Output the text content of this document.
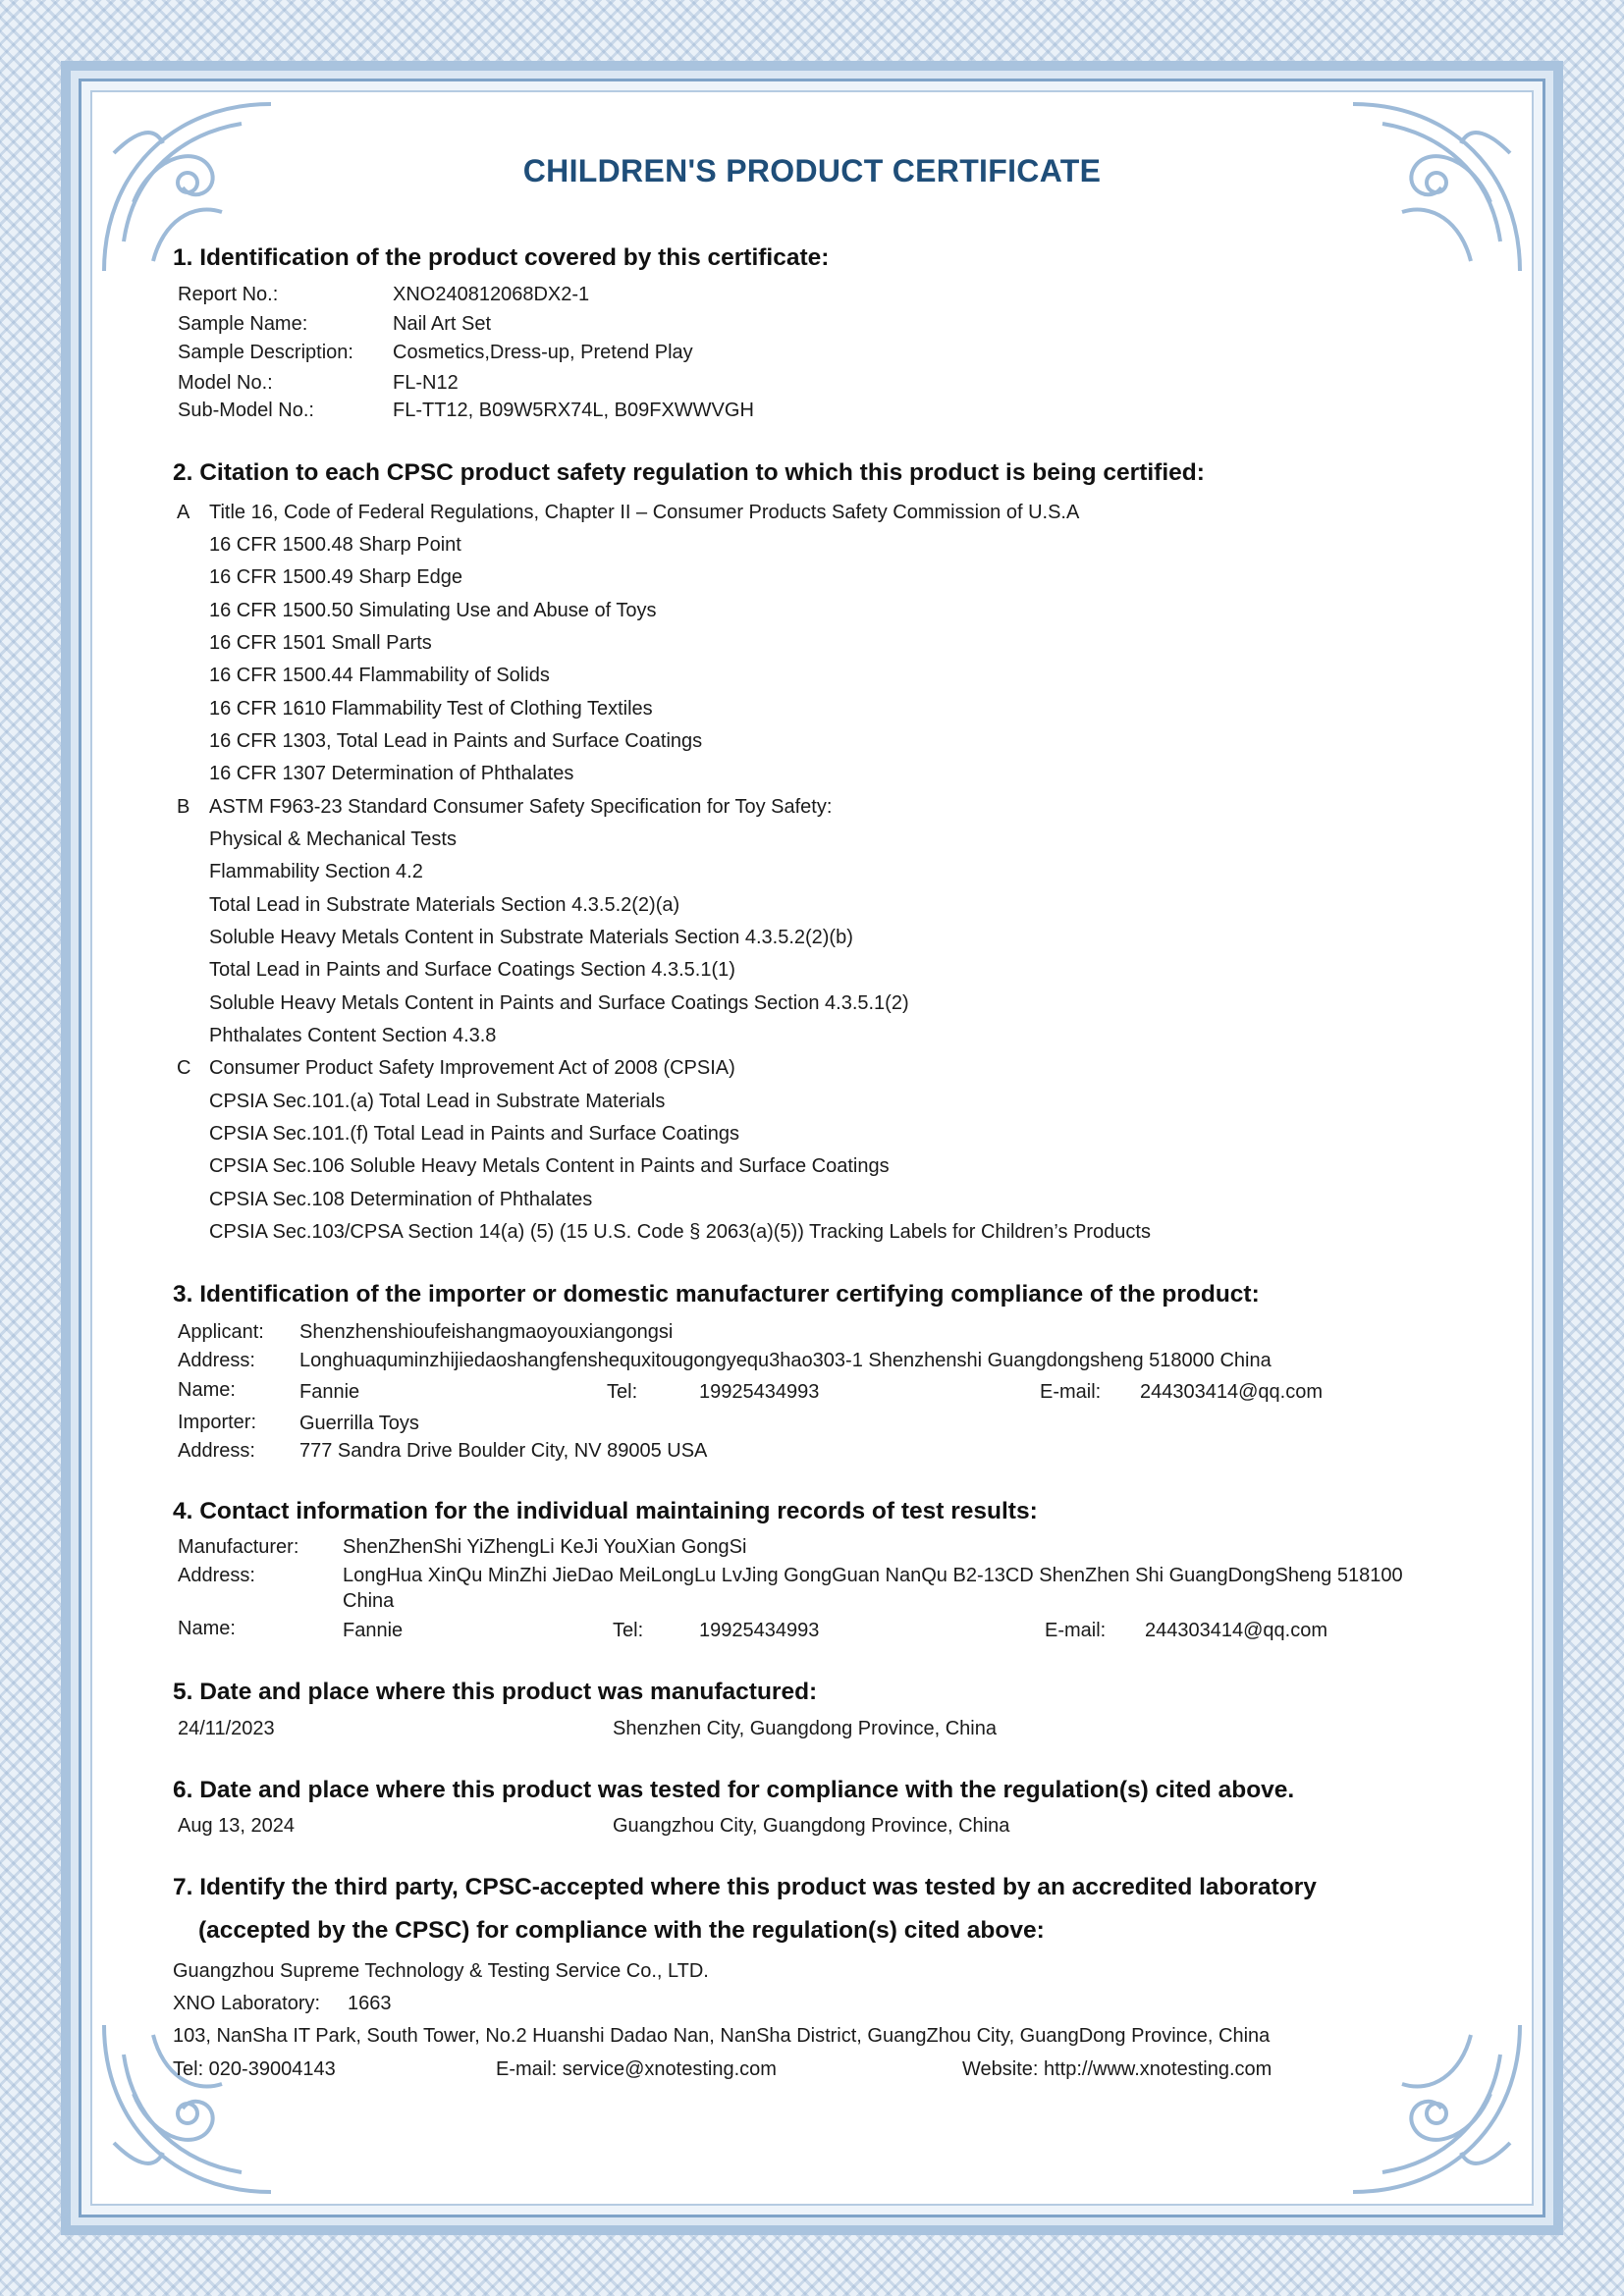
CHILDREN'S PRODUCT CERTIFICATE
1. Identification of the product covered by this certificate:
Report No.:	XNO240812068DX2-1
Sample Name:	Nail Art Set
Sample Description: Cosmetics,Dress-up, Pretend Play
Model No.:	FL-N12
Sub-Model No.:	FL-TT12, B09W5RX74L, B09FXWWVGH
2. Citation to each CPSC product safety regulation to which this product is being certified:
A Title 16, Code of Federal Regulations, Chapter II – Consumer Products Safety Commission of U.S.A
16 CFR 1500.48 Sharp Point
16 CFR 1500.49 Sharp Edge
16 CFR 1500.50 Simulating Use and Abuse of Toys
16 CFR 1501 Small Parts
16 CFR 1500.44 Flammability of Solids
16 CFR 1610 Flammability Test of Clothing Textiles
16 CFR 1303, Total Lead in Paints and Surface Coatings
16 CFR 1307 Determination of Phthalates
B ASTM F963-23 Standard Consumer Safety Specification for Toy Safety:
Physical & Mechanical Tests
Flammability Section 4.2
Total Lead in Substrate Materials Section 4.3.5.2(2)(a)
Soluble Heavy Metals Content in Substrate Materials Section 4.3.5.2(2)(b)
Total Lead in Paints and Surface Coatings Section 4.3.5.1(1)
Soluble Heavy Metals Content in Paints and Surface Coatings Section 4.3.5.1(2)
Phthalates Content Section 4.3.8
C Consumer Product Safety Improvement Act of 2008 (CPSIA)
CPSIA Sec.101.(a) Total Lead in Substrate Materials
CPSIA Sec.101.(f) Total Lead in Paints and Surface Coatings
CPSIA Sec.106 Soluble Heavy Metals Content in Paints and Surface Coatings
CPSIA Sec.108 Determination of Phthalates
CPSIA Sec.103/CPSA Section 14(a) (5) (15 U.S. Code § 2063(a)(5)) Tracking Labels for Children’s Products
3. Identification of the importer or domestic manufacturer certifying compliance of the product:
Applicant: Shenzhenshioufeishangmaoyouxiangongsi
Address: Longhuaquminzhijiedaoshangfenshequxitougongyequ3hao303-1 Shenzhenshi Guangdongsheng 518000 China
Name:	Fannie	Tel:	19925434993	E-mail: 244303414@qq.com
Importer: Guerrilla Toys
Address: 777 Sandra Drive Boulder City, NV 89005 USA
4. Contact information for the individual maintaining records of test results:
Manufacturer: ShenZhenShi YiZhengLi KeJi YouXian GongSi
Address:	LongHua XinQu MinZhi JieDao MeiLongLu LvJing GongGuan NanQu B2-13CD ShenZhen Shi GuangDongSheng 518100
China
Name:	Fannie	Tel:	19925434993	E-mail: 244303414@qq.com
5. Date and place where this product was manufactured:
24/11/2023	Shenzhen City, Guangdong Province, China
6. Date and place where this product was tested for compliance with the regulation(s) cited above.
Aug 13, 2024	Guangzhou City, Guangdong Province, China
7. Identify the third party, CPSC-accepted where this product was tested by an accredited laboratory
(accepted by the CPSC) for compliance with the regulation(s) cited above:
Guangzhou Supreme Technology & Testing Service Co., LTD.
XNO Laboratory: 1663
103, NanSha IT Park, South Tower, No.2 Huanshi Dadao Nan, NanSha District, GuangZhou City, GuangDong Province, China
Tel: 020-39004143	E-mail: service@xnotesting.com	Website: http://www.xnotesting.com
